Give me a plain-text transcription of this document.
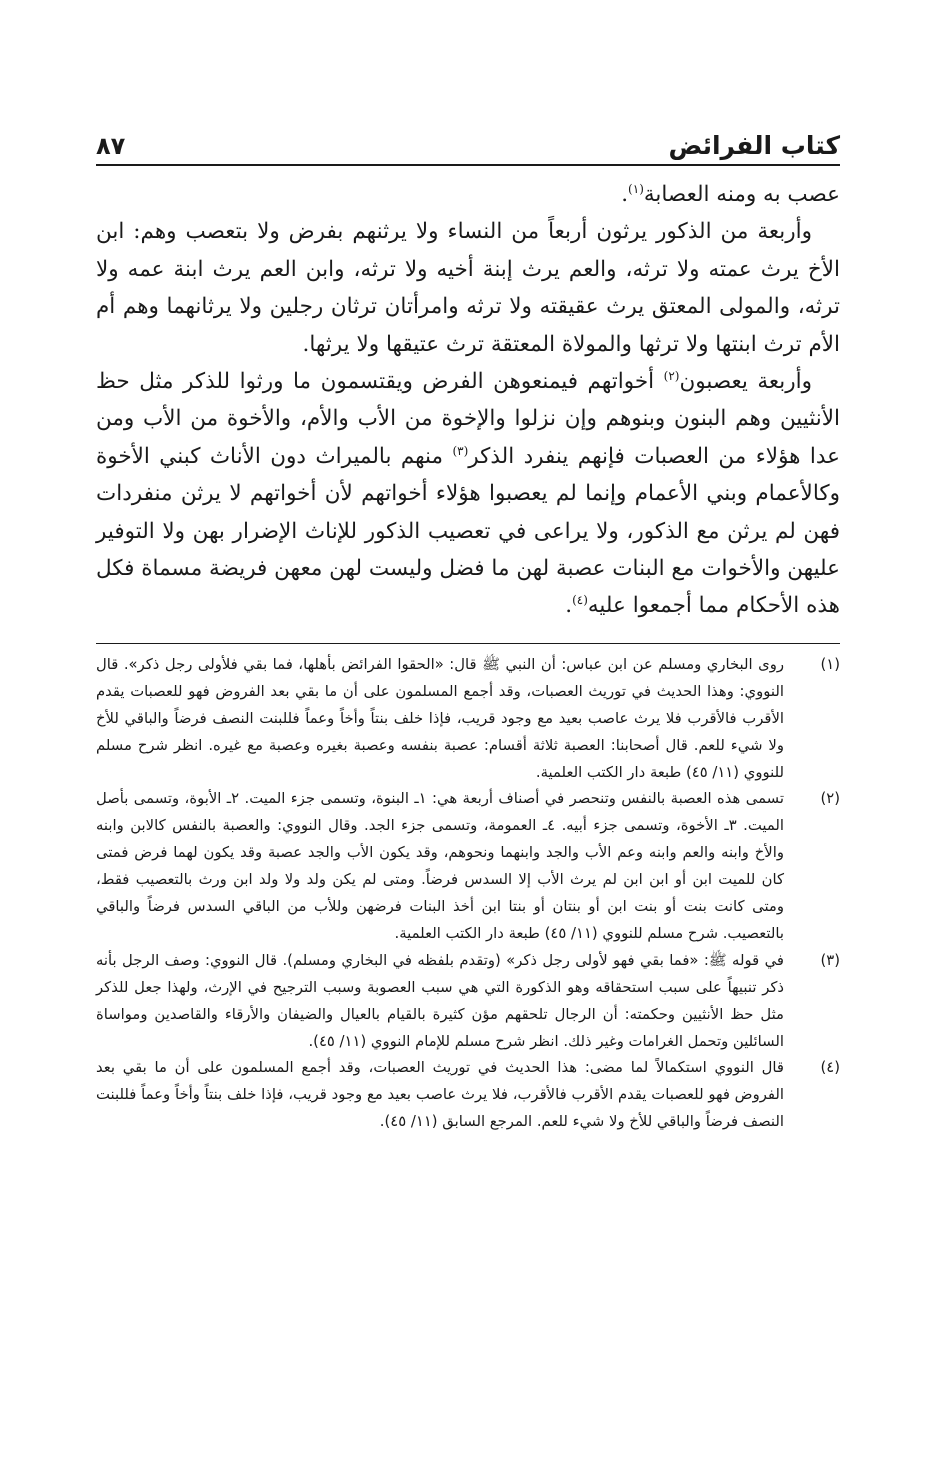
كتاب الفرائض
٨٧

عصب به ومنه العصابة$^{(١)}$.

وأربعة من الذكور يرثون أربعاً من النساء ولا يرثنهم بفرض ولا بتعصب وهم: ابن الأخ يرث عمته ولا ترثه، والعم يرث إبنة أخيه ولا ترثه، وابن العم يرث ابنة عمه ولا ترثه، والمولى المعتق يرث عقيقته ولا ترثه وامرأتان ترثان رجلين ولا يرثانهما وهم أم الأم ترث ابنتها ولا ترثها والمولاة المعتقة ترث عتيقها ولا يرثها.

وأربعة يعصبون$^{(٢)}$ أخواتهم فيمنعوهن الفرض ويقتسمون ما ورثوا للذكر مثل حظ الأنثيين وهم البنون وبنوهم وإن نزلوا والإخوة من الأب والأم، والأخوة من الأب ومن عدا هؤلاء من العصبات فإنهم ينفرد الذكر$^{(٣)}$ منهم بالميراث دون الأناث كبني الأخوة وكالأعمام وبني الأعمام وإنما لم يعصبوا هؤلاء أخواتهم لأن أخواتهم لا يرثن منفردات فهن لم يرثن مع الذكور، ولا يراعى في تعصيب الذكور للإناث الإضرار بهن ولا التوفير عليهن والأخوات مع البنات عصبة لهن ما فضل وليست لهن معهن فريضة مسماة فكل هذه الأحكام مما أجمعوا عليه$^{(٤)}$.

(١)
روى البخاري ومسلم عن ابن عباس: أن النبي ﷺ قال: «الحقوا الفرائض بأهلها، فما بقي فلأولى رجل ذكر». قال النووي: وهذا الحديث في توريث العصبات، وقد أجمع المسلمون على أن ما بقي بعد الفروض فهو للعصبات يقدم الأقرب فالأقرب فلا يرث عاصب بعيد مع وجود قريب، فإذا خلف بنتاً وأخاً وعماً فللبنت النصف فرضاً والباقي للأخ ولا شيء للعم. قال أصحابنا: العصبة ثلاثة أقسام: عصبة بنفسه وعصبة بغيره وعصبة مع غيره. انظر شرح مسلم للنووي (١١/ ٤٥) طبعة دار الكتب العلمية.
(٢)
تسمى هذه العصبة بالنفس وتنحصر في أصناف أربعة هي: ١ـ البنوة، وتسمى جزء الميت. ٢ـ الأبوة، وتسمى بأصل الميت. ٣ـ الأخوة، وتسمى جزء أبيه. ٤ـ العمومة، وتسمى جزء الجد. وقال النووي: والعصبة بالنفس كالابن وابنه والأخ وابنه والعم وابنه وعم الأب والجد وابنهما ونحوهم، وقد يكون الأب والجد عصبة وقد يكون لهما فرض فمتى كان للميت ابن أو ابن ابن لم يرث الأب إلا السدس فرضاً. ومتى لم يكن ولد ولا ولد ابن ورث بالتعصيب فقط، ومتى كانت بنت أو بنت ابن أو بنتان أو بنتا ابن أخذ البنات فرضهن وللأب من الباقي السدس فرضاً والباقي بالتعصيب. شرح مسلم للنووي (١١/ ٤٥) طبعة دار الكتب العلمية.
(٣)
في قوله ﷺ: «فما بقي فهو لأولى رجل ذكر» (وتقدم بلفظه في البخاري ومسلم). قال النووي: وصف الرجل بأنه ذكر تنبيهاً على سبب استحقاقه وهو الذكورة التي هي سبب العصوبة وسبب الترجيح في الإرث، ولهذا جعل للذكر مثل حظ الأنثيين وحكمته: أن الرجال تلحقهم مؤن كثيرة بالقيام بالعيال والضيفان والأرقاء والقاصدين ومواساة السائلين وتحمل الغرامات وغير ذلك. انظر شرح مسلم للإمام النووي (١١/ ٤٥).
(٤)
قال النووي استكمالاً لما مضى: هذا الحديث في توريث العصبات، وقد أجمع المسلمون على أن ما بقي بعد الفروض فهو للعصبات يقدم الأقرب فالأقرب، فلا يرث عاصب بعيد مع وجود قريب، فإذا خلف بنتاً وأخاً وعماً فللبنت النصف فرضاً والباقي للأخ ولا شيء للعم. المرجع السابق (١١/ ٤٥).
